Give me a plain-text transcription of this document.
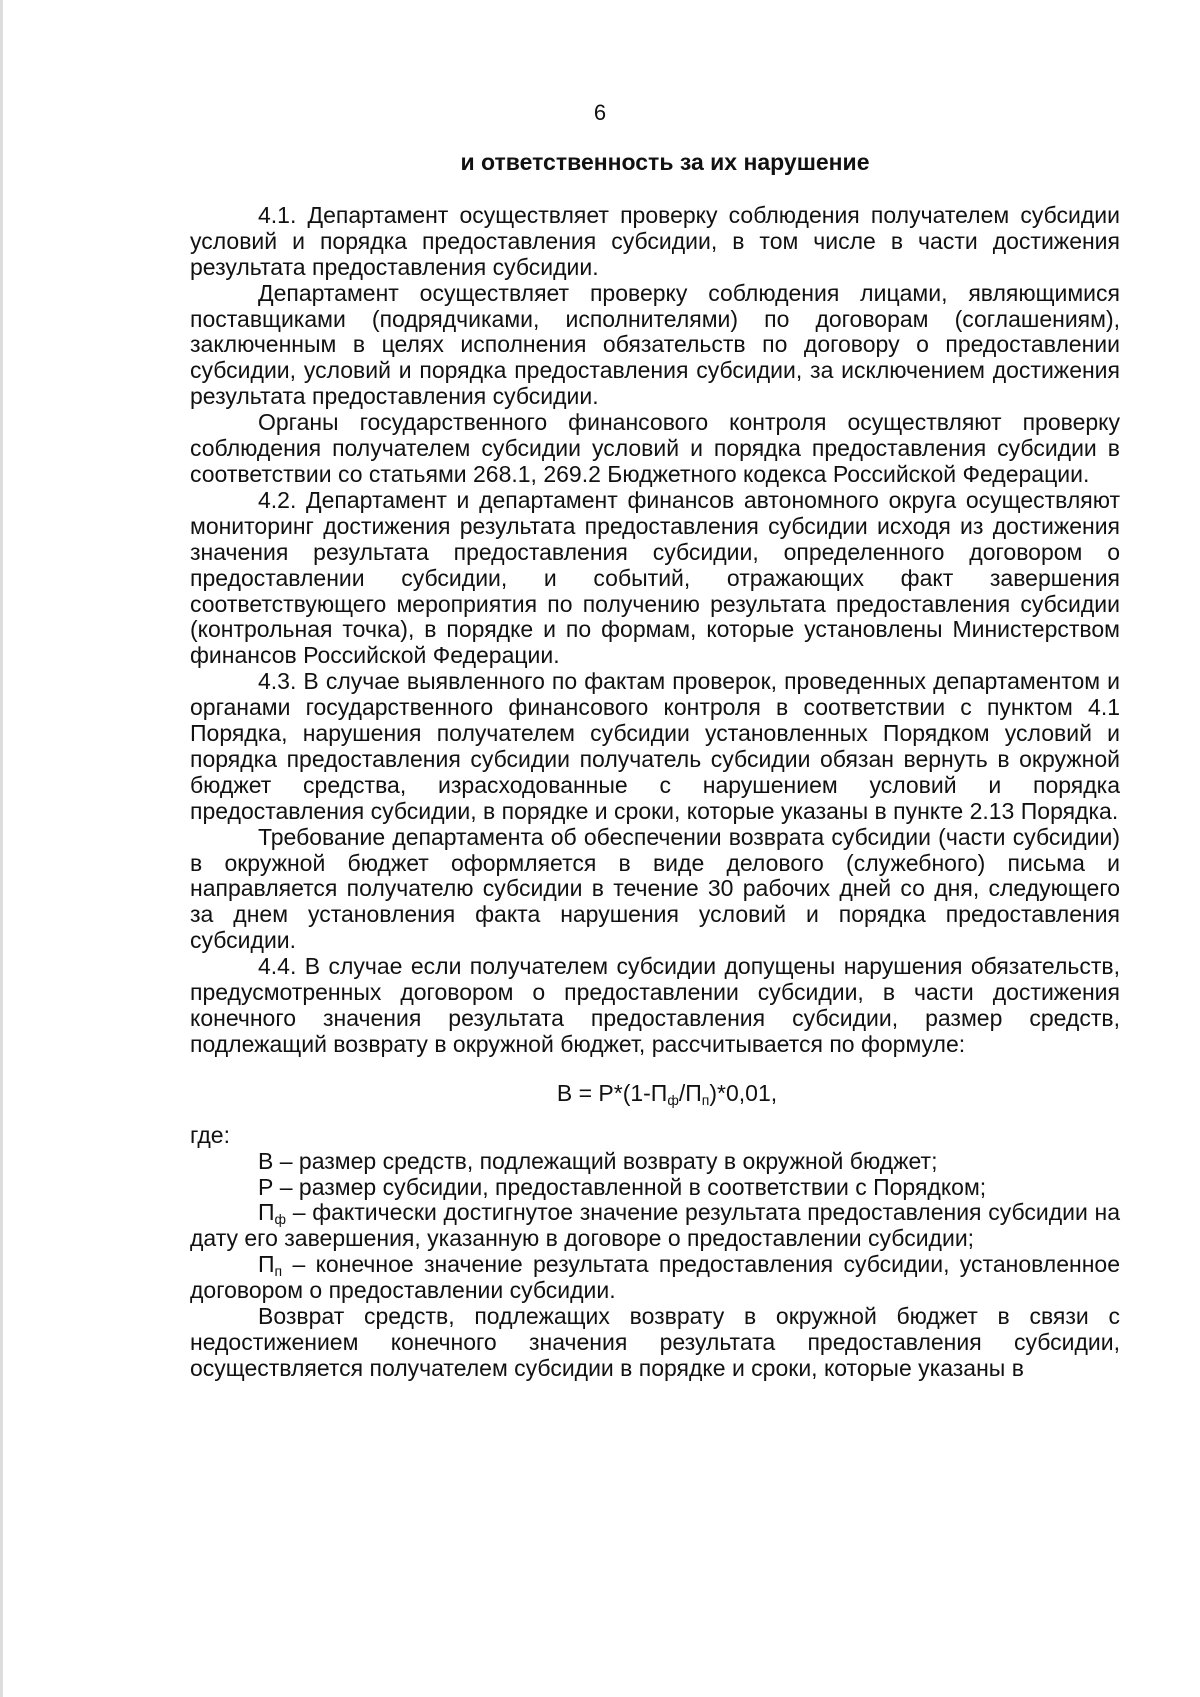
6
и ответственность за их нарушение

4.1. Департамент осуществляет проверку соблюдения получателем субсидии условий и порядка предоставления субсидии, в том числе в части достижения результата предоставления субсидии.

Департамент осуществляет проверку соблюдения лицами, являющимися поставщиками (подрядчиками, исполнителями) по договорам (соглашениям), заключенным в целях исполнения обязательств по договору о предоставлении субсидии, условий и порядка предоставления субсидии, за исключением достижения результата предоставления субсидии.

Органы государственного финансового контроля осуществляют проверку соблюдения получателем субсидии условий и порядка предоставления субсидии в соответствии со статьями 268.1, 269.2 Бюджетного кодекса Российской Федерации.

4.2. Департамент и департамент финансов автономного округа осуществляют мониторинг достижения результата предоставления субсидии исходя из достижения значения результата предоставления субсидии, определенного договором о предоставлении субсидии, и событий, отражающих факт завершения соответствующего мероприятия по получению результата предоставления субсидии (контрольная точка), в порядке и по формам, которые установлены Министерством финансов Российской Федерации.

4.3. В случае выявленного по фактам проверок, проведенных департаментом и органами государственного финансового контроля в соответствии с пунктом 4.1 Порядка, нарушения получателем субсидии установленных Порядком условий и порядка предоставления субсидии получатель субсидии обязан вернуть в окружной бюджет средства, израсходованные с нарушением условий и порядка предоставления субсидии, в порядке и сроки, которые указаны в пункте 2.13 Порядка.

Требование департамента об обеспечении возврата субсидии (части субсидии) в окружной бюджет оформляется в виде делового (служебного) письма и направляется получателю субсидии в течение 30 рабочих дней со дня, следующего за днем установления факта нарушения условий и порядка предоставления субсидии.

4.4. В случае если получателем субсидии допущены нарушения обязательств, предусмотренных договором о предоставлении субсидии, в части достижения конечного значения результата предоставления субсидии, размер средств, подлежащий возврату в окружной бюджет, рассчитывается по формуле:

$В = Р*(1-П_ф/П_п)*0,01$,

где:

В – размер средств, подлежащий возврату в окружной бюджет;

Р – размер субсидии, предоставленной в соответствии с Порядком;

$П_ф$ – фактически достигнутое значение результата предоставления субсидии на дату его завершения, указанную в договоре о предоставлении субсидии;

$П_п$ – конечное значение результата предоставления субсидии, установленное договором о предоставлении субсидии.

Возврат средств, подлежащих возврату в окружной бюджет в связи с недостижением конечного значения результата предоставления субсидии, осуществляется получателем субсидии в порядке и сроки, которые указаны в
